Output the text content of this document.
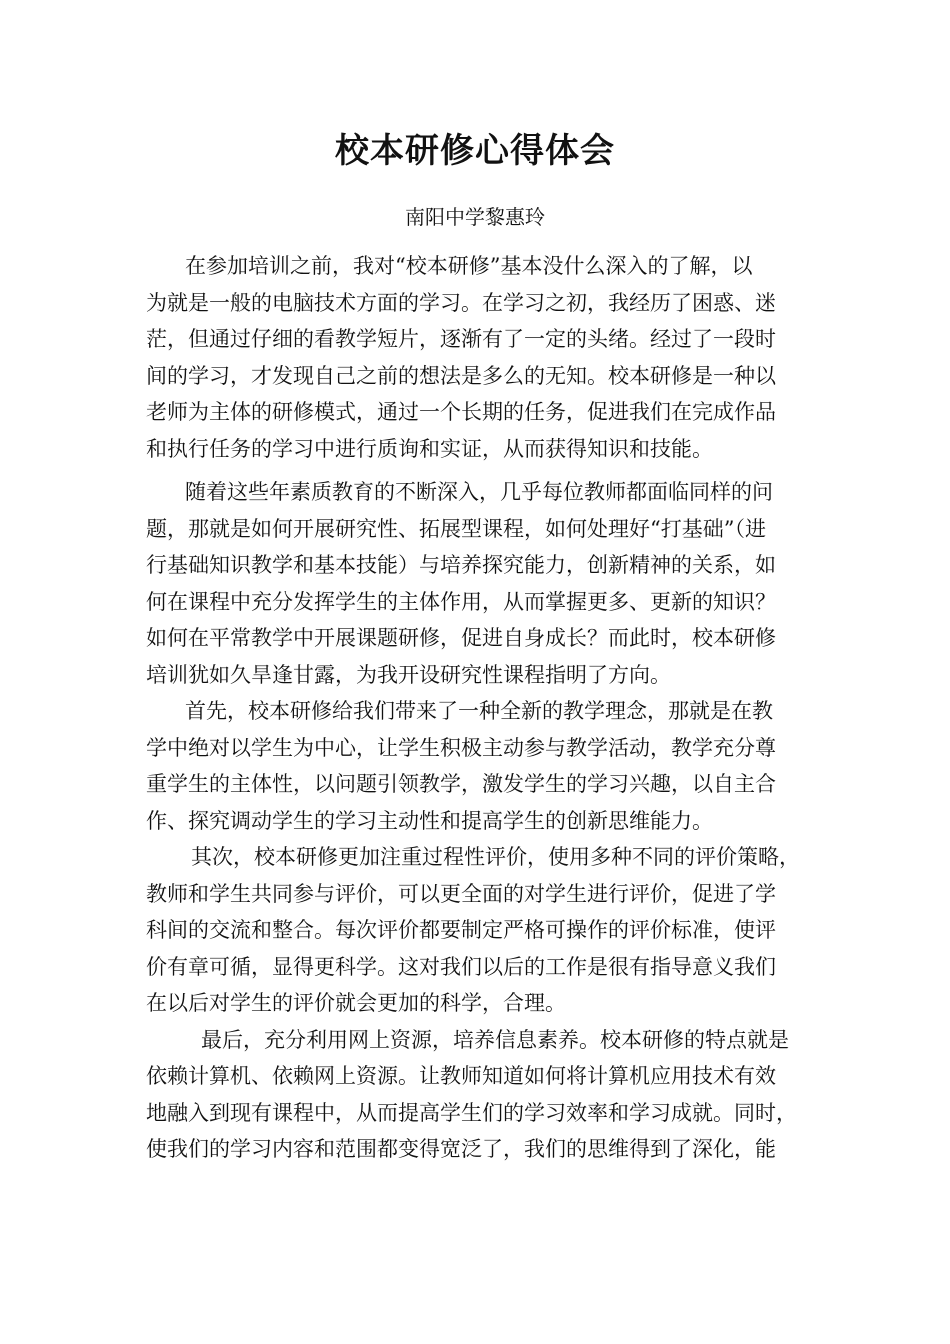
校本研修心得体会
南阳中学黎惠玲
在参加培训之前，我对“校本研修”基本没什么深入的了解，以
为就是一般的电脑技术方面的学习。在学习之初，我经历了困惑、迷
茫，但通过仔细的看教学短片，逐渐有了一定的头绪。经过了一段时
间的学习，才发现自己之前的想法是多么的无知。校本研修是一种以
老师为主体的研修模式，通过一个长期的任务，促进我们在完成作品
和执行任务的学习中进行质询和实证，从而获得知识和技能。
随着这些年素质教育的不断深入，几乎每位教师都面临同样的问
题，那就是如何开展研究性、拓展型课程，如何处理好“打基础”（进
行基础知识教学和基本技能）与培养探究能力，创新精神的关系，如
何在课程中充分发挥学生的主体作用，从而掌握更多、更新的知识？
如何在平常教学中开展课题研修，促进自身成长？而此时，校本研修
培训犹如久旱逢甘露，为我开设研究性课程指明了方向。
首先，校本研修给我们带来了一种全新的教学理念，那就是在教
学中绝对以学生为中心，让学生积极主动参与教学活动，教学充分尊
重学生的主体性，以问题引领教学，激发学生的学习兴趣，以自主合
作、探究调动学生的学习主动性和提高学生的创新思维能力。
其次，校本研修更加注重过程性评价，使用多种不同的评价策略，
教师和学生共同参与评价，可以更全面的对学生进行评价，促进了学
科间的交流和整合。每次评价都要制定严格可操作的评价标准，使评
价有章可循，显得更科学。这对我们以后的工作是很有指导意义我们
在以后对学生的评价就会更加的科学，合理。
最后，充分利用网上资源，培养信息素养。校本研修的特点就是
依赖计算机、依赖网上资源。让教师知道如何将计算机应用技术有效
地融入到现有课程中，从而提高学生们的学习效率和学习成就。同时，
使我们的学习内容和范围都变得宽泛了，我们的思维得到了深化，能
